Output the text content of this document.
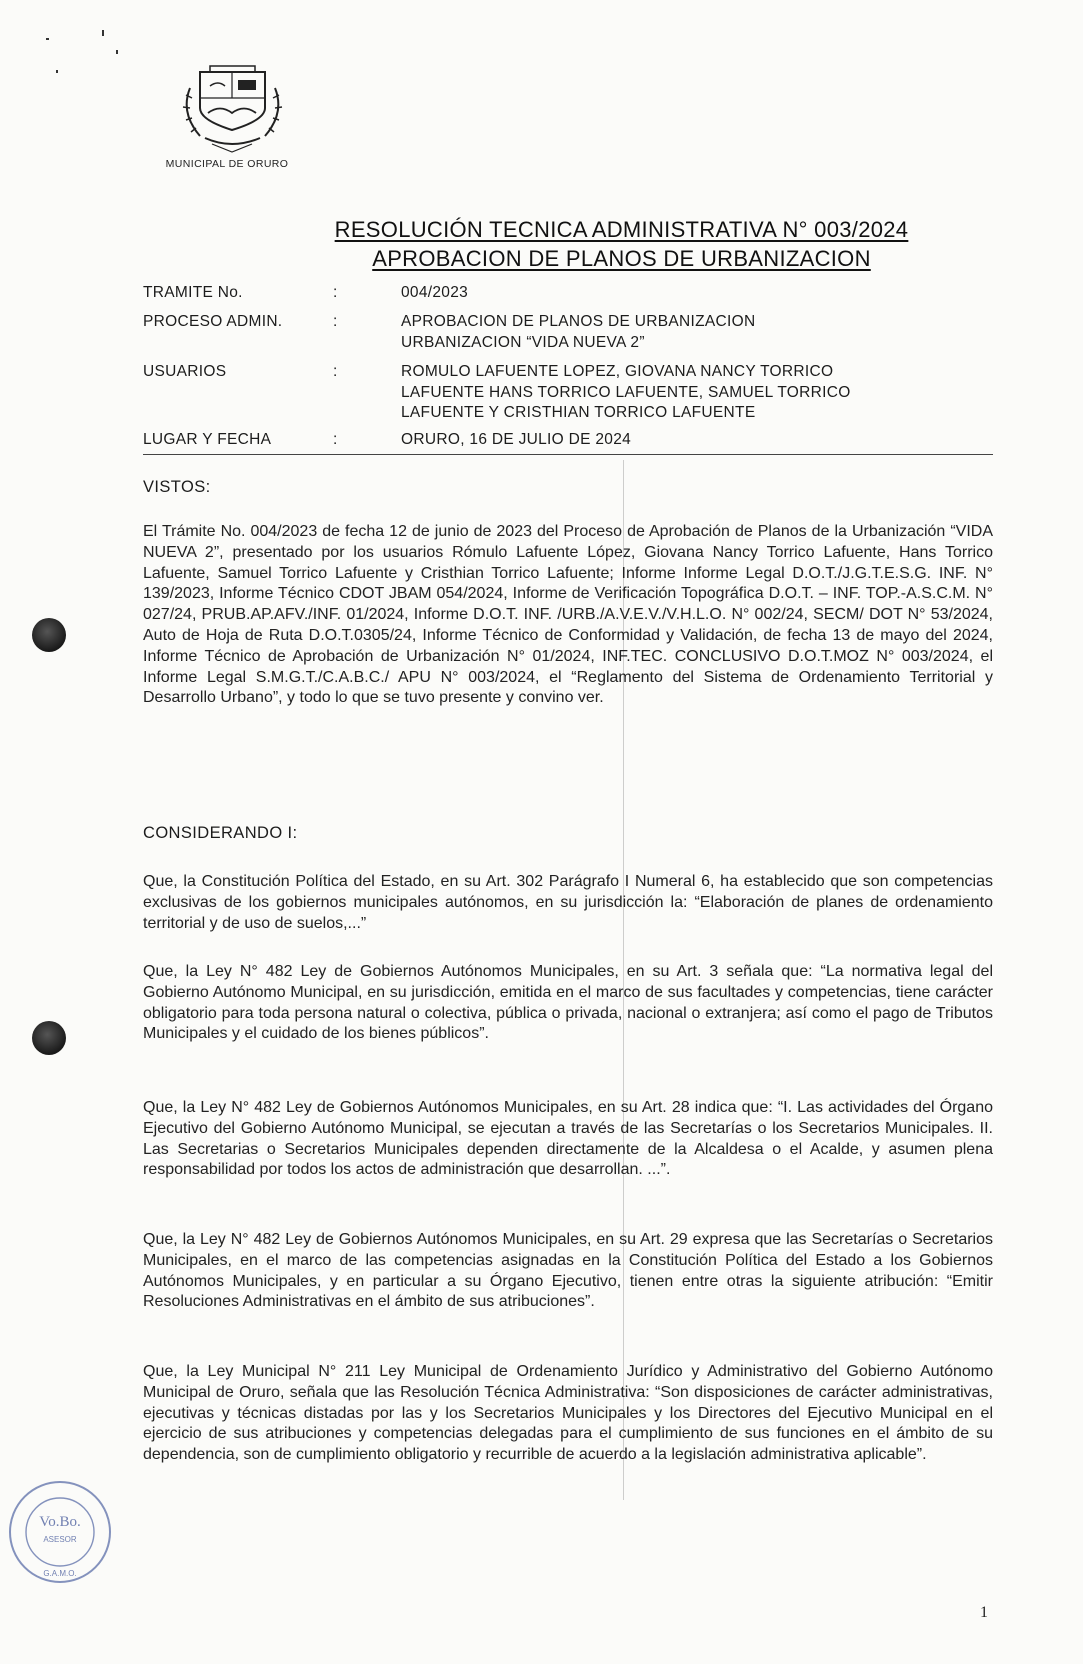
MUNICIPAL DE ORURO
RESOLUCIÓN TECNICA ADMINISTRATIVA N° 003/2024
APROBACION DE PLANOS DE URBANIZACION
TRAMITE No.	:	004/2023
PROCESO ADMIN.	:	APROBACION DE PLANOS DE URBANIZACION
URBANIZACION “VIDA NUEVA 2”
USUARIOS	:	ROMULO LAFUENTE LOPEZ, GIOVANA NANCY TORRICO
LAFUENTE HANS TORRICO LAFUENTE, SAMUEL TORRICO
LAFUENTE Y CRISTHIAN TORRICO LAFUENTE
LUGAR Y FECHA	:	ORURO, 16 DE JULIO DE 2024
VISTOS:
El Trámite No. 004/2023 de fecha 12 de junio de 2023 del Proceso de Aprobación de Planos de la Urbanización “VIDA NUEVA 2”, presentado por los usuarios Rómulo Lafuente López, Giovana Nancy Torrico Lafuente, Hans Torrico Lafuente, Samuel Torrico Lafuente y Cristhian Torrico Lafuente; Informe Informe Legal D.O.T./J.G.T.E.S.G. INF. N° 139/2023, Informe Técnico CDOT JBAM 054/2024, Informe de Verificación Topográfica D.O.T. – INF. TOP.-A.S.C.M. N° 027/24, PRUB.AP.AFV./INF. 01/2024, Informe D.O.T. INF. /URB./A.V.E.V./V.H.L.O. N° 002/24, SECM/ DOT N° 53/2024, Auto de Hoja de Ruta D.O.T.0305/24, Informe Técnico de Conformidad y Validación, de fecha 13 de mayo del 2024, Informe Técnico de Aprobación de Urbanización N° 01/2024, INF.TEC. CONCLUSIVO D.O.T.MOZ N° 003/2024, el Informe Legal S.M.G.T./C.A.B.C./ APU N° 003/2024, el “Reglamento del Sistema de Ordenamiento Territorial y Desarrollo Urbano”, y todo lo que se tuvo presente y convino ver.
CONSIDERANDO I:
Que, la Constitución Política del Estado, en su Art. 302 Parágrafo I Numeral 6, ha establecido que son competencias exclusivas de los gobiernos municipales autónomos, en su jurisdicción la: “Elaboración de planes de ordenamiento territorial y de uso de suelos,...”
Que, la Ley N° 482 Ley de Gobiernos Autónomos Municipales, en su Art. 3 señala que: “La normativa legal del Gobierno Autónomo Municipal, en su jurisdicción, emitida en el marco de sus facultades y competencias, tiene carácter obligatorio para toda persona natural o colectiva, pública o privada, nacional o extranjera; así como el pago de Tributos Municipales y el cuidado de los bienes públicos”.
Que, la Ley N° 482 Ley de Gobiernos Autónomos Municipales, en su Art. 28 indica que: “I. Las actividades del Órgano Ejecutivo del Gobierno Autónomo Municipal, se ejecutan a través de las Secretarías o los Secretarios Municipales. II. Las Secretarias o Secretarios Municipales dependen directamente de la Alcaldesa o el Acalde, y asumen plena responsabilidad por todos los actos de administración que desarrollan. ...”.
Que, la Ley N° 482 Ley de Gobiernos Autónomos Municipales, en su Art. 29 expresa que las Secretarías o Secretarios Municipales, en el marco de las competencias asignadas en la Constitución Política del Estado a los Gobiernos Autónomos Municipales, y en particular a su Órgano Ejecutivo, tienen entre otras la siguiente atribución: “Emitir Resoluciones Administrativas en el ámbito de sus atribuciones”.
Que, la Ley Municipal N° 211 Ley Municipal de Ordenamiento Jurídico y Administrativo del Gobierno Autónomo Municipal de Oruro, señala que las Resolución Técnica Administrativa: “Son disposiciones de carácter administrativas, ejecutivas y técnicas distadas por las y los Secretarios Municipales y los Directores del Ejecutivo Municipal en el ejercicio de sus atribuciones y competencias delegadas para el cumplimiento de sus funciones en el ámbito de su dependencia, son de cumplimiento obligatorio y recurrible de acuerdo a la legislación administrativa aplicable”.
Vo.Bo.
ASESOR
G.A.M.O.
1
